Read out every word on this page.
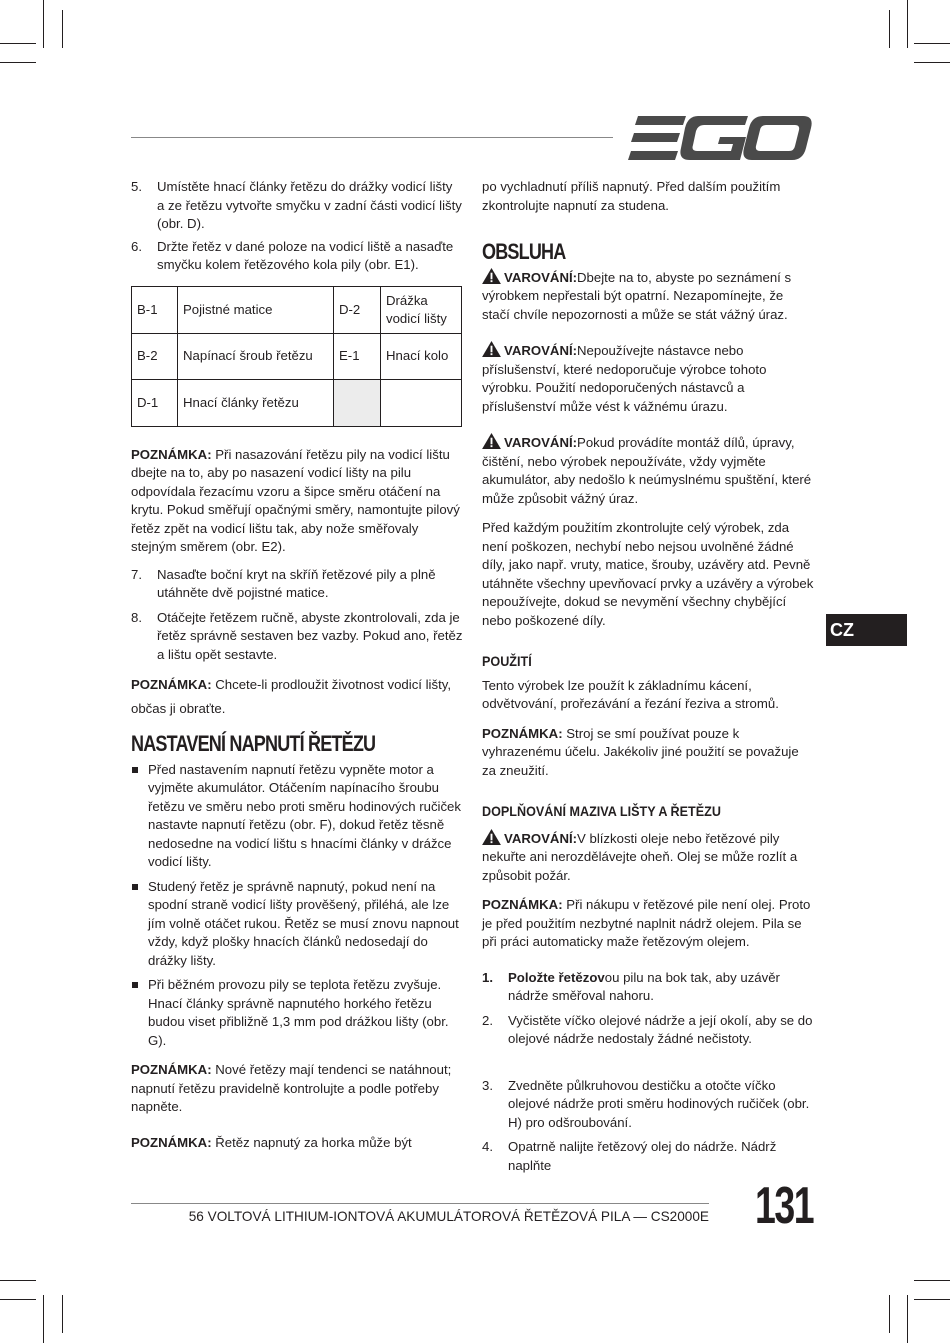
5. Umístěte hnací články řetězu do drážky vodicí lišty a ze řetězu vytvořte smyčku v zadní části vodicí lišty (obr. D).
6. Držte řetěz v dané poloze na vodicí liště a nasaďte smyčku kolem řetězového kola pily (obr. E1).
B-1	Pojistné matice	D-2	Drážka vodicí lišty
B-2	Napínací šroub řetězu	E-1	Hnací kolo
D-1	Hnací články řetězu		

POZNÁMKA: Při nasazování řetězu pily na vodicí lištu dbejte na to, aby po nasazení vodicí lišty na pilu odpovídala řezacímu vzoru a šipce směru otáčení na krytu. Pokud směřují opačnými směry, namontujte pilový řetěz zpět na vodicí lištu tak, aby nože směřovaly stejným směrem (obr. E2).

7. Nasaďte boční kryt na skříň řetězové pily a plně utáhněte dvě pojistné matice.
8. Otáčejte řetězem ručně, abyste zkontrolovali, zda je řetěz správně sestaven bez vazby. Pokud ano, řetěz a lištu opět sestavte.

POZNÁMKA: Chcete-li prodloužit životnost vodicí lišty, občas ji obraťte.

NASTAVENÍ NAPNUTÍ ŘETĚZU
Před nastavením napnutí řetězu vypněte motor a vyjměte akumulátor. Otáčením napínacího šroubu řetězu ve směru nebo proti směru hodinových ručiček nastavte napnutí řetězu (obr. F), dokud řetěz těsně nedosedne na vodicí lištu s hnacími články v drážce vodicí lišty.
Studený řetěz je správně napnutý, pokud není na spodní straně vodicí lišty prověšený, přiléhá, ale lze jím volně otáčet rukou. Řetěz se musí znovu napnout vždy, když plošky hnacích článků nedosedají do drážky lišty.
Při běžném provozu pily se teplota řetězu zvyšuje. Hnací články správně napnutého horkého řetězu budou viset přibližně 1,3 mm pod drážkou lišty (obr. G).

POZNÁMKA: Nové řetězy mají tendenci se natáhnout; napnutí řetězu pravidelně kontrolujte a podle potřeby napněte.

POZNÁMKA: Řetěz napnutý za horka může být

po vychladnutí příliš napnutý. Před dalším použitím zkontrolujte napnutí za studena.

OBSLUHA

VAROVÁNÍ:Dbejte na to, abyste po seznámení s výrobkem nepřestali být opatrní. Nezapomínejte, že stačí chvíle nepozornosti a může se stát vážný úraz.

VAROVÁNÍ:Nepoužívejte nástavce nebo příslušenství, které nedoporučuje výrobce tohoto výrobku. Použití nedoporučených nástavců a příslušenství může vést k vážnému úrazu.

VAROVÁNÍ:Pokud provádíte montáž dílů, úpravy, čištění, nebo výrobek nepoužíváte, vždy vyjměte akumulátor, aby nedošlo k neúmyslnému spuštění, které může způsobit vážný úraz.

Před každým použitím zkontrolujte celý výrobek, zda není poškozen, nechybí nebo nejsou uvolněné žádné díly, jako např. vruty, matice, šrouby, uzávěry atd. Pevně utáhněte všechny upevňovací prvky a uzávěry a výrobek nepoužívejte, dokud se nevymění všechny chybějící nebo poškozené díly.

POUŽITÍ

Tento výrobek lze použít k základnímu kácení, odvětvování, prořezávání a řezání řeziva a stromů.

POZNÁMKA: Stroj se smí používat pouze k vyhrazenému účelu. Jakékoliv jiné použití se považuje za zneužití.

DOPLŇOVÁNÍ MAZIVA LIŠTY A ŘETĚZU

VAROVÁNÍ:V blízkosti oleje nebo řetězové pily nekuřte ani nerozdělávejte oheň. Olej se může rozlít a způsobit požár.

POZNÁMKA: Při nákupu v řetězové pile není olej. Proto je před použitím nezbytné naplnit nádrž olejem. Pila se při práci automaticky maže řetězovým olejem.

1. Položte řetězovou pilu na bok tak, aby uzávěr nádrže směřoval nahoru.
2. Vyčistěte víčko olejové nádrže a její okolí, aby se do olejové nádrže nedostaly žádné nečistoty.
3. Zvedněte půlkruhovou destičku a otočte víčko olejové nádrže proti směru hodinových ručiček (obr. H) pro odšroubování.
4. Opatrně nalijte řetězový olej do nádrže. Nádrž naplňte
CZ
56 VOLTOVÁ LITHIUM-IONTOVÁ AKUMULÁTOROVÁ ŘETĚZOVÁ PILA — CS2000E 131
